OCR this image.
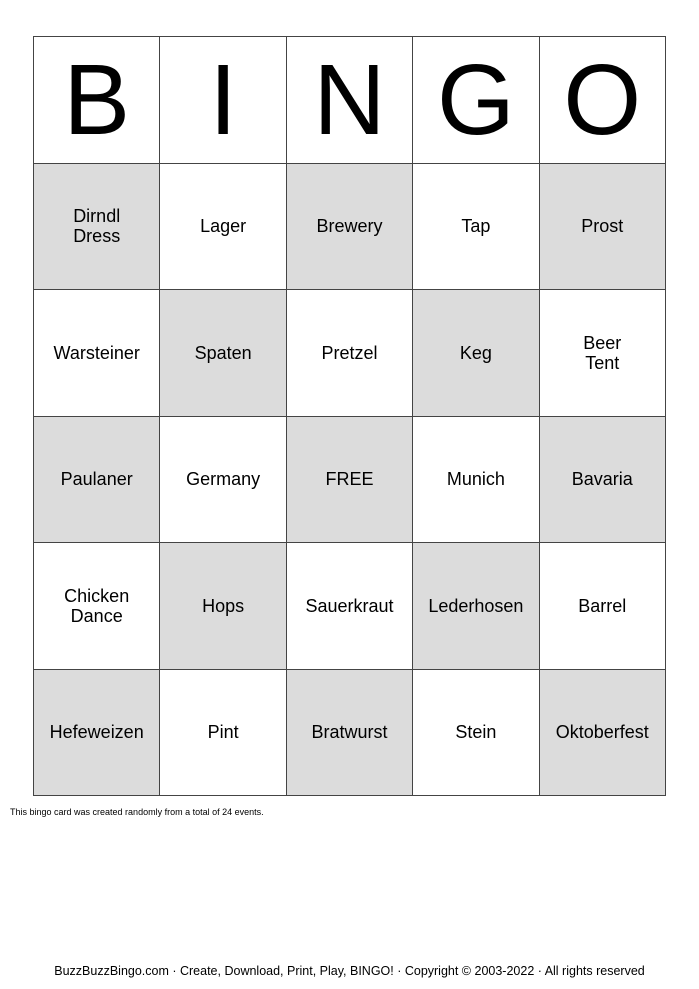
B I N G O
Dirndl
Dress	Lager	Brewery	Tap	Prost
Warsteiner	Spaten	Pretzel	Keg	Beer
Tent
Paulaner	Germany	FREE	Munich	Bavaria
Chicken
Dance	Hops	Sauerkraut	Lederhosen	Barrel
Hefeweizen	Pint	Bratwurst	Stein	Oktoberfest
This bingo card was created randomly from a total of 24 events.
BuzzBuzzBingo.com · Create, Download, Print, Play, BINGO! · Copyright © 2003-2022 · All rights reserved
